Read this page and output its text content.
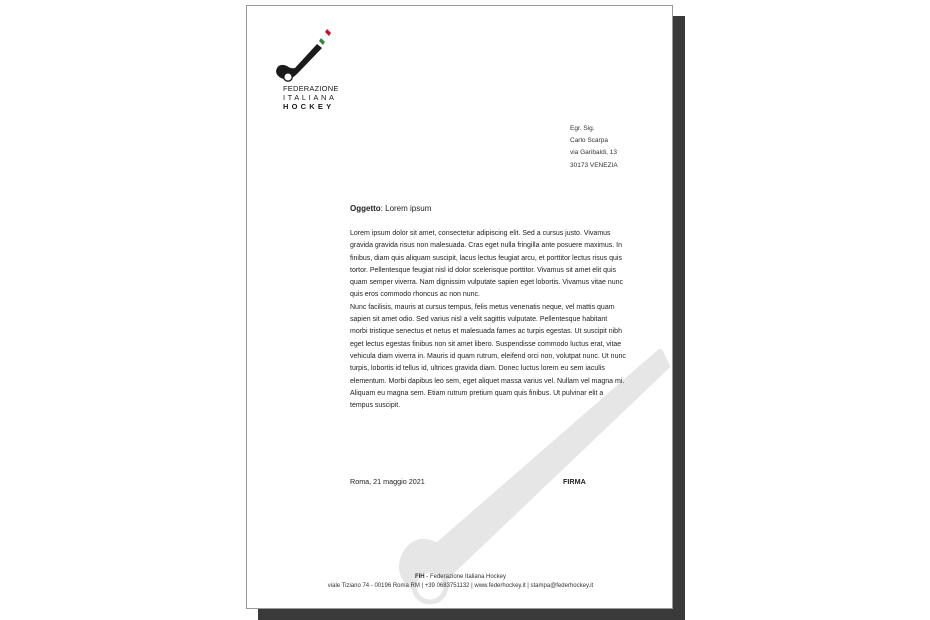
FEDERAZIONE
ITALIANA
HOCKEY
Egr. Sig.
Carlo Scarpa
via Garibaldi, 13
30173 VENEZIA
Oggetto: Lorem ipsum

Lorem ipsum dolor sit amet, consectetur adipiscing elit. Sed a cursus justo. Vivamus gravida gravida risus non malesuada. Cras eget nulla fringilla ante posuere maximus. In finibus, diam quis aliquam suscipit, lacus lectus feugiat arcu, et porttitor lectus risus quis tortor. Pellentesque feugiat nisl id dolor scelerisque porttitor. Vivamus sit amet elit quis quam semper viverra. Nam dignissim vulputate sapien eget lobortis. Vivamus vitae nunc quis eros commodo rhoncus ac non nunc.

Nunc facilisis, mauris at cursus tempus, felis metus venenatis neque, vel mattis quam sapien sit amet odio. Sed varius nisl a velit sagittis vulputate. Pellentesque habitant morbi tristique senectus et netus et malesuada fames ac turpis egestas. Ut suscipit nibh eget lectus egestas finibus non sit amet libero. Suspendisse commodo luctus erat, vitae vehicula diam viverra in. Mauris id quam rutrum, eleifend orci non, volutpat nunc. Ut nunc turpis, lobortis id tellus id, ultrices gravida diam. Donec luctus lorem eu sem iaculis elementum. Morbi dapibus leo sem, eget aliquet massa varius vel. Nullam vel magna mi.

Aliquam eu magna sem. Etiam rutrum pretium quam quis finibus. Ut pulvinar elit a tempus suscipit.

Roma, 21 maggio 2021	FIRMA
FIH - Federazione Italiana Hockey
viale Tiziano 74 - 00196 Roma RM | +39 0683751132 | www.federhockey.it | stampa@federhockey.it
